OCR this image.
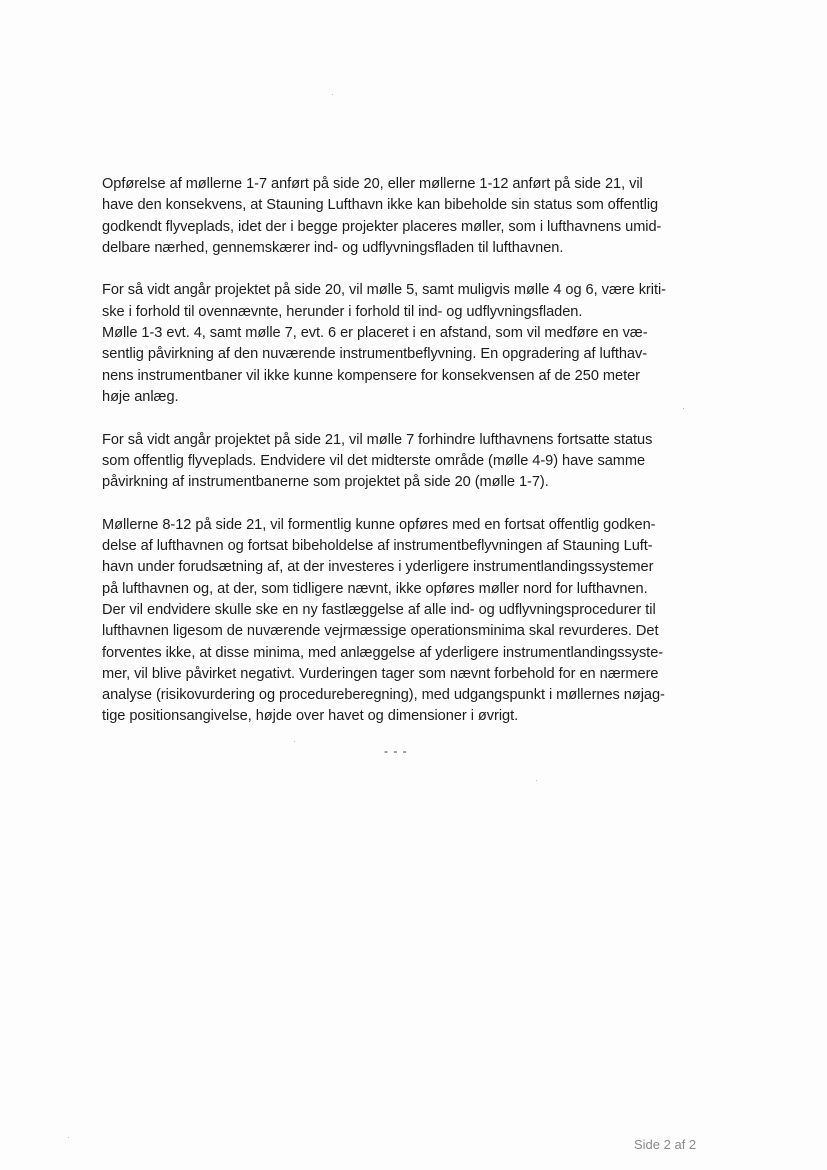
Opførelse af møllerne 1-7 anført på side 20, eller møllerne 1-12 anført på side 21, vil
have den konsekvens, at Stauning Lufthavn ikke kan bibeholde sin status som offentlig
godkendt flyveplads, idet der i begge projekter placeres møller, som i lufthavnens umid-
delbare nærhed, gennemskærer ind- og udflyvningsfladen til lufthavnen.

For så vidt angår projektet på side 20, vil mølle 5, samt muligvis mølle 4 og 6, være kriti-
ske i forhold til ovennævnte, herunder i forhold til ind- og udflyvningsfladen.
Mølle 1-3 evt. 4, samt mølle 7, evt. 6 er placeret i en afstand, som vil medføre en væ-
sentlig påvirkning af den nuværende instrumentbeflyvning. En opgradering af lufthav-
nens instrumentbaner vil ikke kunne kompensere for konsekvensen af de 250 meter
høje anlæg.

For så vidt angår projektet på side 21, vil mølle 7 forhindre lufthavnens fortsatte status
som offentlig flyveplads. Endvidere vil det midterste område (mølle 4-9) have samme
påvirkning af instrumentbanerne som projektet på side 20 (mølle 1-7).

Møllerne 8-12 på side 21, vil formentlig kunne opføres med en fortsat offentlig godken-
delse af lufthavnen og fortsat bibeholdelse af instrumentbeflyvningen af Stauning Luft-
havn under forudsætning af, at der investeres i yderligere instrumentlandingssystemer
på lufthavnen og, at der, som tidligere nævnt, ikke opføres møller nord for lufthavnen.
Der vil endvidere skulle ske en ny fastlæggelse af alle ind- og udflyvningsprocedurer til
lufthavnen ligesom de nuværende vejrmæssige operationsminima skal revurderes. Det
forventes ikke, at disse minima, med anlæggelse af yderligere instrumentlandingssyste-
mer, vil blive påvirket negativt. Vurderingen tager som nævnt forbehold for en nærmere
analyse (risikovurdering og procedureberegning), med udgangspunkt i møllernes nøjag-
tige positionsangivelse, højde over havet og dimensioner i øvrigt.

- - -
Side 2 af 2
